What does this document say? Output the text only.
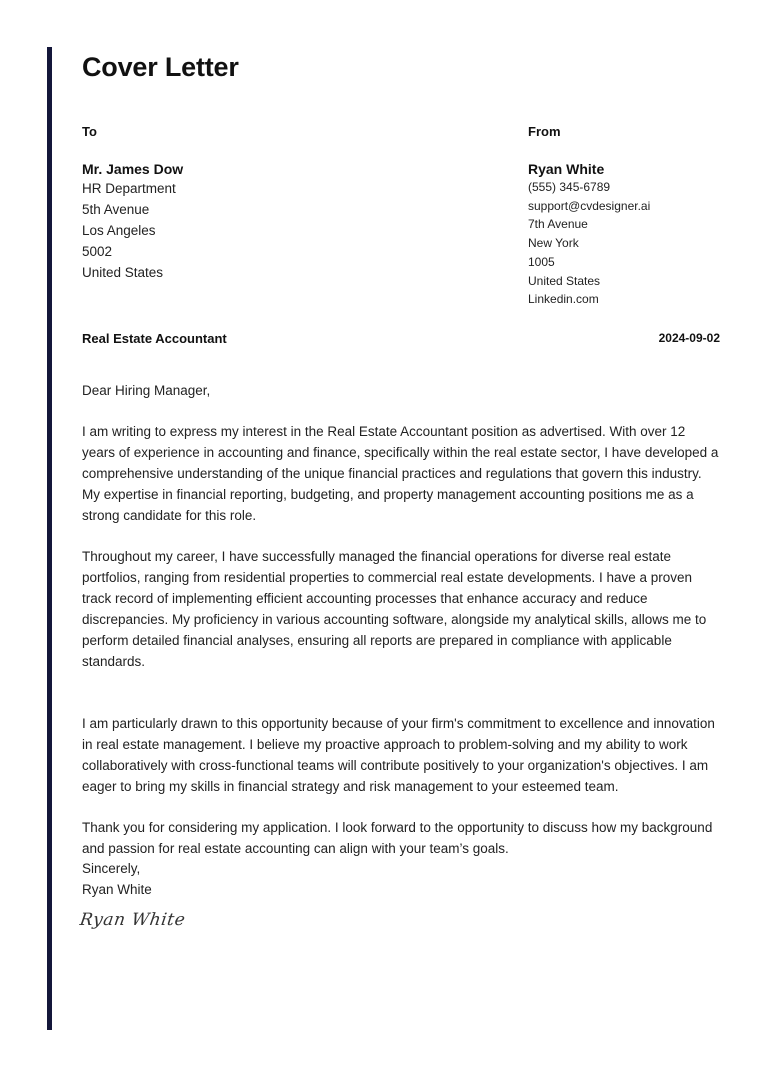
Cover Letter
To
Mr. James Dow
HR Department
5th Avenue
Los Angeles
5002
United States
From
Ryan White
(555) 345-6789
support@cvdesigner.ai
7th Avenue
New York
1005
United States
Linkedin.com
Real Estate Accountant	2024-09-02

Dear Hiring Manager,

I am writing to express my interest in the Real Estate Accountant position as advertised. With over 12 years of experience in accounting and finance, specifically within the real estate sector, I have developed a comprehensive understanding of the unique financial practices and regulations that govern this industry. My expertise in financial reporting, budgeting, and property management accounting positions me as a strong candidate for this role.

Throughout my career, I have successfully managed the financial operations for diverse real estate portfolios, ranging from residential properties to commercial real estate developments. I have a proven track record of implementing efficient accounting processes that enhance accuracy and reduce discrepancies. My proficiency in various accounting software, alongside my analytical skills, allows me to perform detailed financial analyses, ensuring all reports are prepared in compliance with applicable standards.

I am particularly drawn to this opportunity because of your firm's commitment to excellence and innovation in real estate management. I believe my proactive approach to problem-solving and my ability to work collaboratively with cross-functional teams will contribute positively to your organization's objectives. I am eager to bring my skills in financial strategy and risk management to your esteemed team.

Thank you for considering my application. I look forward to the opportunity to discuss how my background and passion for real estate accounting can align with your team’s goals.

Sincerely,
Ryan White
Ryan White
